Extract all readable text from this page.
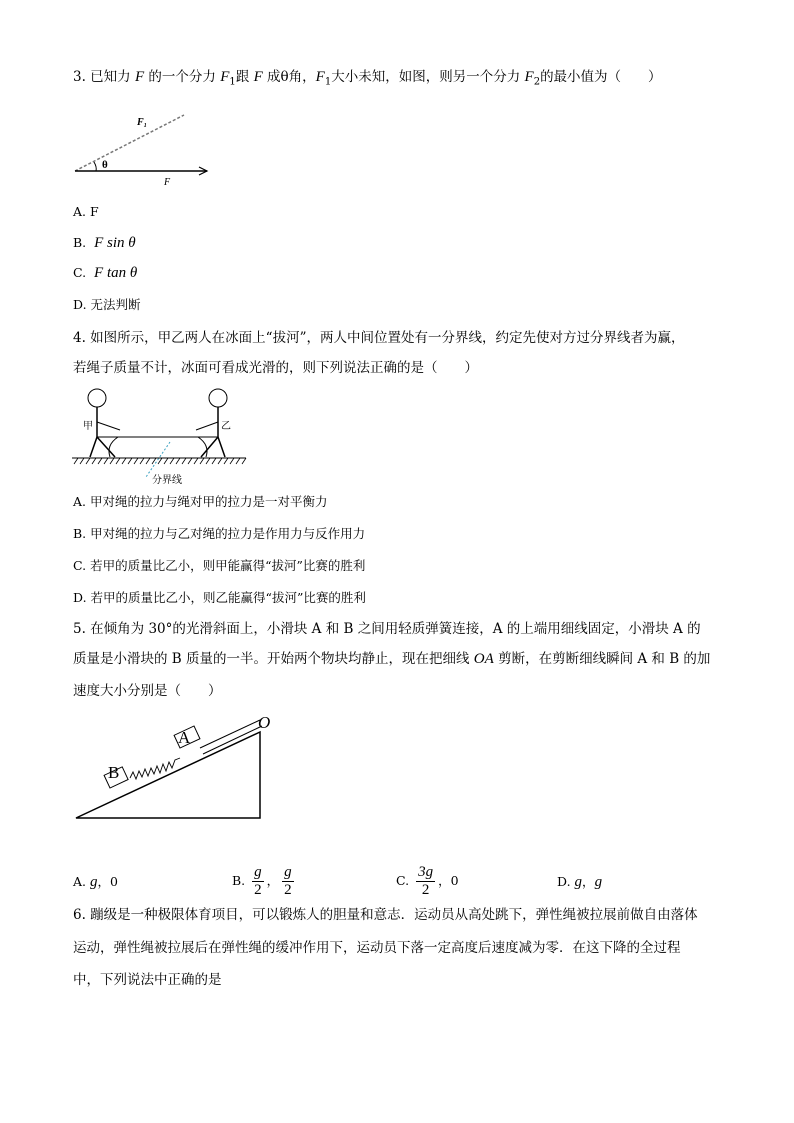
3. 已知力 F 的一个分力 $F_1$跟 F 成θ角，$F_1$大小未知，如图，则另一个分力 $F_2$的最小值为（　　）
F₁
θ
F
A. F
B. F sin θ
C. F tan θ
D. 无法判断
4. 如图所示，甲乙两人在冰面上“拔河”，两人中间位置处有一分界线，约定先使对方过分界线者为赢，
若绳子质量不计，冰面可看成光滑的，则下列说法正确的是（　　）
甲	乙
分界线
A. 甲对绳的拉力与绳对甲的拉力是一对平衡力
B. 甲对绳的拉力与乙对绳的拉力是作用力与反作用力
C. 若甲的质量比乙小，则甲能赢得“拔河”比赛的胜利
D. 若甲的质量比乙小，则乙能赢得“拔河”比赛的胜利
5. 在倾角为 30°的光滑斜面上，小滑块 A 和 B 之间用轻质弹簧连接，A 的上端用细线固定，小滑块 A 的
质量是小滑块的 B 质量的一半。开始两个物块均静止，现在把细线 OA 剪断，在剪断细线瞬间 A 和 B 的加
速度大小分别是（　　）
A
B
O
A. g，0	B. $\frac{g}{2}$ ， $\frac{g}{2}$	C. $\frac{3g}{2}$ ，0	D. g，g
6. 蹦级是一种极限体育项目，可以锻炼人的胆量和意志．运动员从高处跳下，弹性绳被拉展前做自由落体
运动，弹性绳被拉展后在弹性绳的缓冲作用下，运动员下落一定高度后速度减为零．在这下降的全过程
中，下列说法中正确的是
